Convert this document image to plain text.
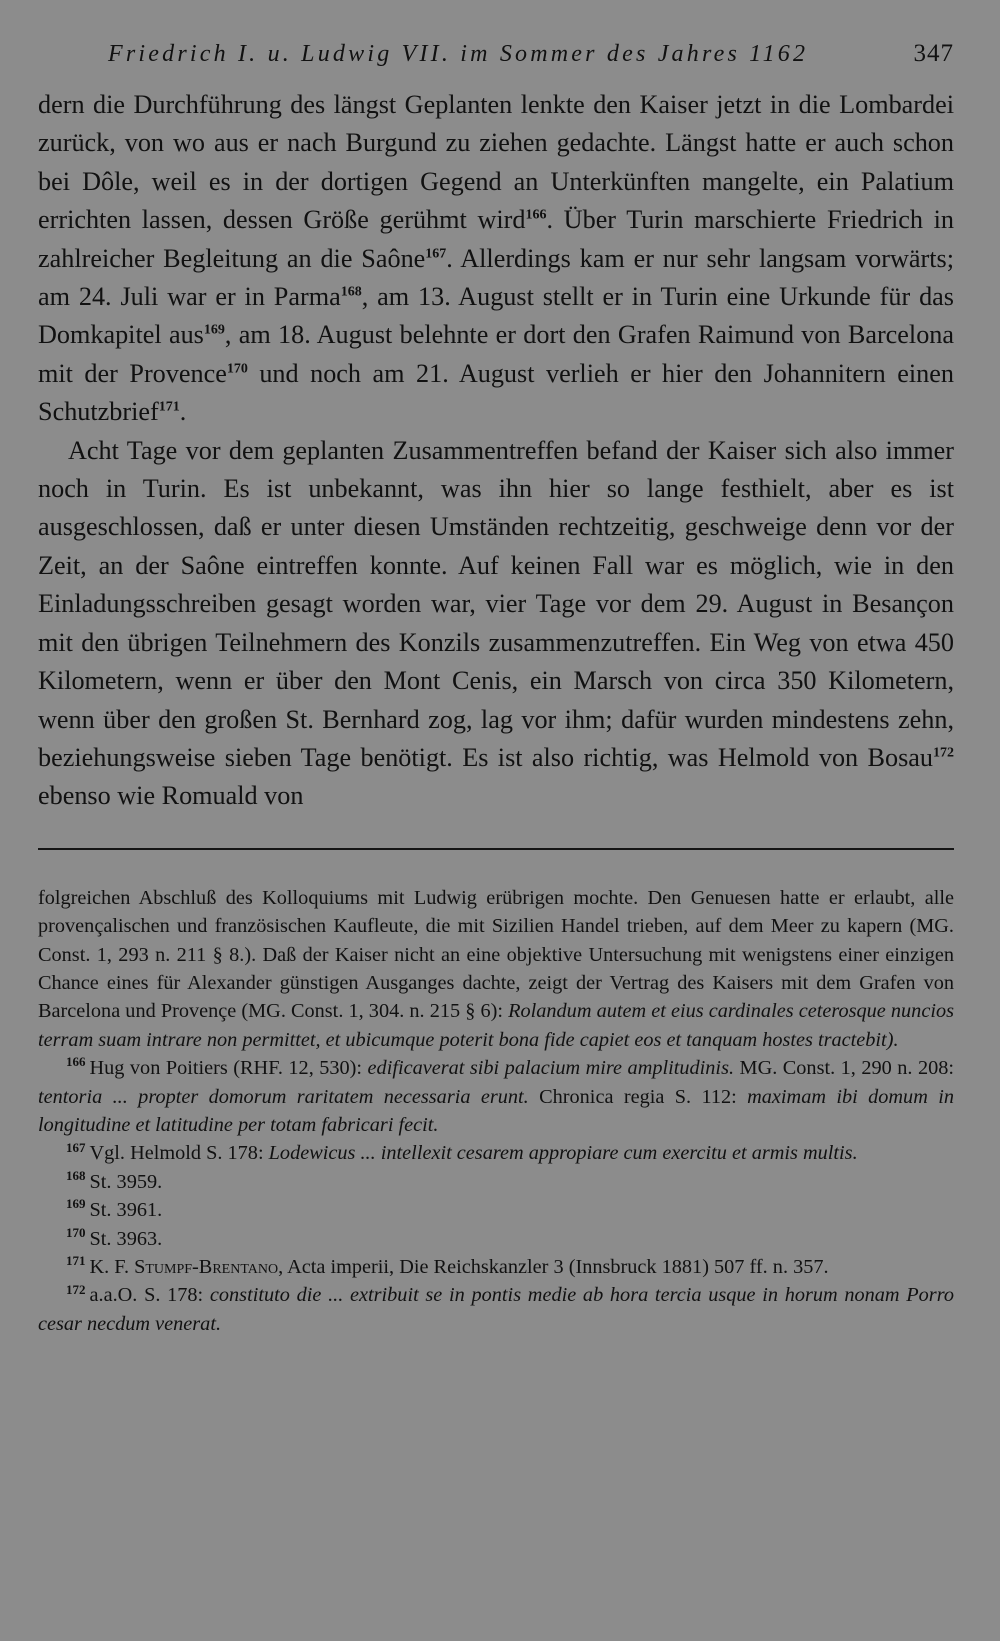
Friedrich I. u. Ludwig VII. im Sommer des Jahres 1162	347

dern die Durchführung des längst Geplanten lenkte den Kaiser jetzt in die Lombardei zurück, von wo aus er nach Burgund zu ziehen gedachte. Längst hatte er auch schon bei Dôle, weil es in der dortigen Gegend an Unterkünften mangelte, ein Palatium errichten lassen, dessen Größe gerühmt wird$^{166}$. Über Turin marschierte Friedrich in zahlreicher Begleitung an die Saône$^{167}$. Allerdings kam er nur sehr langsam vorwärts; am 24. Juli war er in Parma$^{168}$, am 13. August stellt er in Turin eine Urkunde für das Domkapitel aus$^{169}$, am 18. August belehnte er dort den Grafen Raimund von Barcelona mit der Provence$^{170}$ und noch am 21. August verlieh er hier den Johannitern einen Schutzbrief$^{171}$.

Acht Tage vor dem geplanten Zusammentreffen befand der Kaiser sich also immer noch in Turin. Es ist unbekannt, was ihn hier so lange festhielt, aber es ist ausgeschlossen, daß er unter diesen Umständen rechtzeitig, geschweige denn vor der Zeit, an der Saône eintreffen konnte. Auf keinen Fall war es möglich, wie in den Einladungsschreiben gesagt worden war, vier Tage vor dem 29. August in Besançon mit den übrigen Teilnehmern des Konzils zusammenzutreffen. Ein Weg von etwa 450 Kilometern, wenn er über den Mont Cenis, ein Marsch von circa 350 Kilometern, wenn über den großen St. Bernhard zog, lag vor ihm; dafür wurden mindestens zehn, beziehungsweise sieben Tage benötigt. Es ist also richtig, was Helmold von Bosau$^{172}$ ebenso wie Romuald von

folgreichen Abschluß des Kolloquiums mit Ludwig erübrigen mochte. Den Genuesen hatte er erlaubt, alle provençalischen und französischen Kaufleute, die mit Sizilien Handel trieben, auf dem Meer zu kapern (MG. Const. 1, 293 n. 211 § 8.). Daß der Kaiser nicht an eine objektive Untersuchung mit wenigstens einer einzigen Chance eines für Alexander günstigen Ausganges dachte, zeigt der Vertrag des Kaisers mit dem Grafen von Barcelona und Provençe (MG. Const. 1, 304. n. 215 § 6): Rolandum autem et eius cardinales ceterosque nuncios terram suam intrare non permittet, et ubicumque poterit bona fide capiet eos et tanquam hostes tractebit).

$^{166}$ Hug von Poitiers (RHF. 12, 530): edificaverat sibi palacium mire amplitudinis. MG. Const. 1, 290 n. 208: tentoria ... propter domorum raritatem necessaria erunt. Chronica regia S. 112: maximam ibi domum in longitudine et latitudine per totam fabricari fecit.

$^{167}$ Vgl. Helmold S. 178: Lodewicus ... intellexit cesarem appropiare cum exercitu et armis multis.

$^{168}$ St. 3959.

$^{169}$ St. 3961.

$^{170}$ St. 3963.

$^{171}$ K. F. Stumpf-Brentano, Acta imperii, Die Reichskanzler 3 (Innsbruck 1881) 507 ff. n. 357.

$^{172}$ a.a.O. S. 178: constituto die ... extribuit se in pontis medie ab hora tercia usque in horum nonam Porro cesar necdum venerat.
